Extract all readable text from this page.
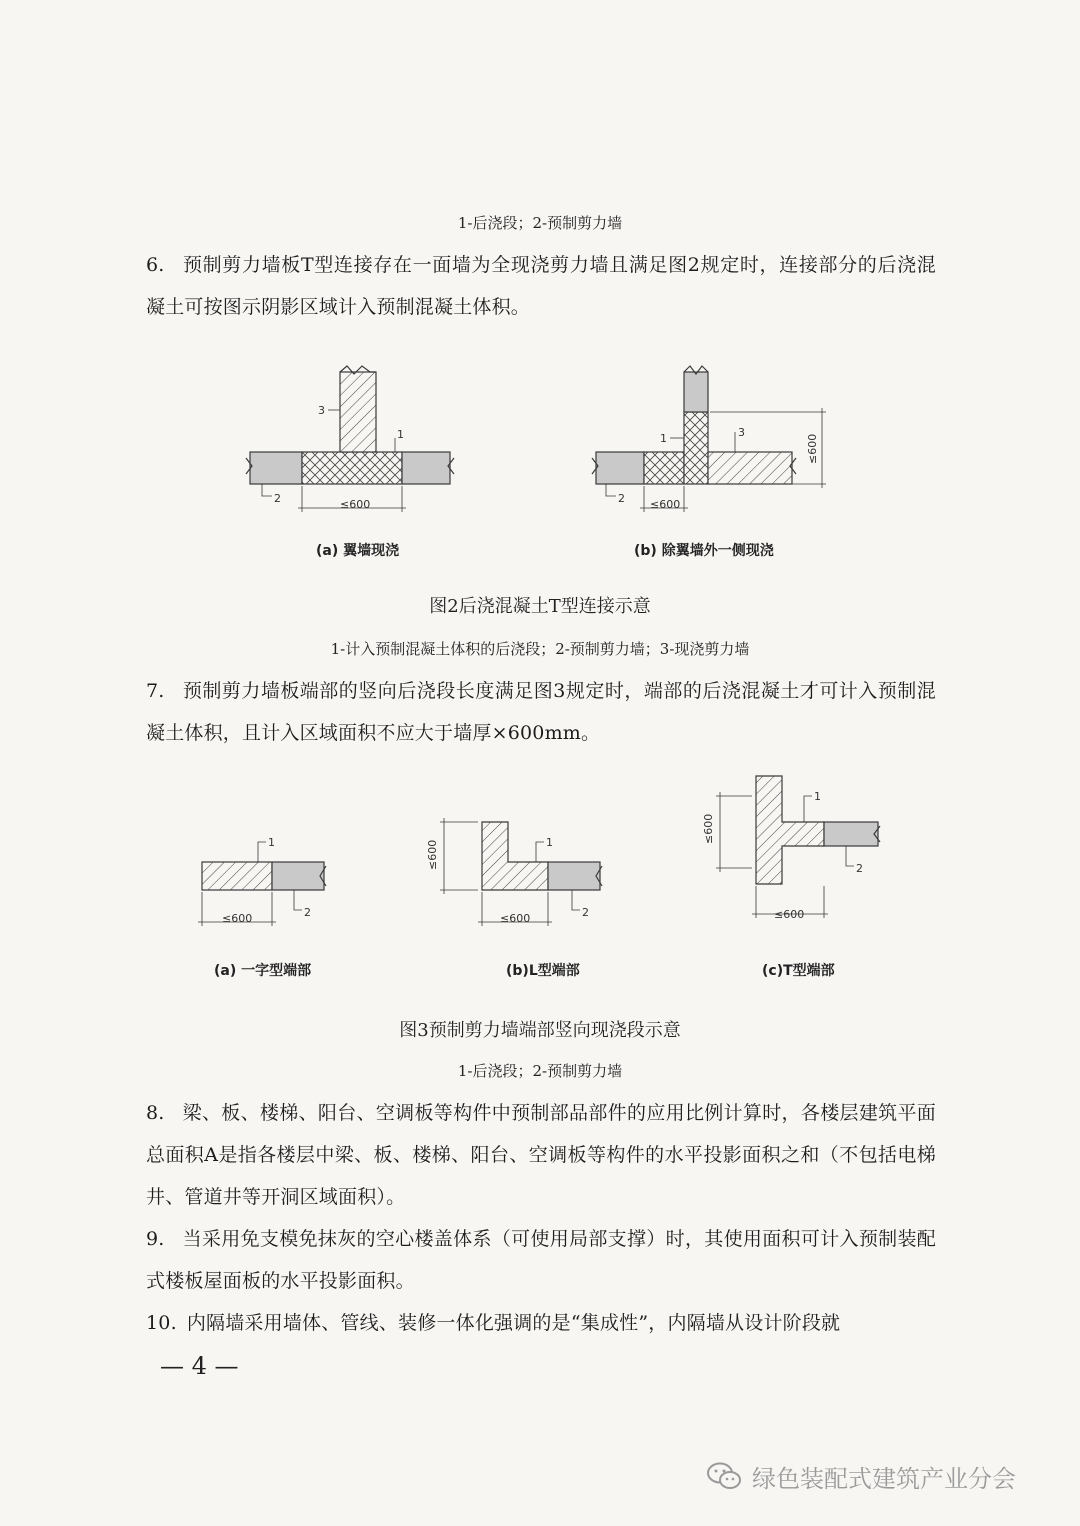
1-后浇段；2-预制剪力墙

6. 预制剪力墙板T型连接存在一面墙为全现浇剪力墙且满足图2规定时，连接部分的后浇混凝土可按图示阴影区域计入预制混凝土体积。

3
1
2	≤600
1	3
2 ≤600
≤600
1
2
≤600
1
2
≤600
≤600
1
2
≤600
≤600
(a) 翼墙现浇	(b) 除翼墙外一侧现浇
图2后浇混凝土T型连接示意
1-计入预制混凝土体积的后浇段；2-预制剪力墙；3-现浇剪力墙

7. 预制剪力墙板端部的竖向后浇段长度满足图3规定时，端部的后浇混凝土才可计入预制混凝土体积，且计入区域面积不应大于墙厚×600mm。

(a) 一字型端部	(b)L型端部	(c)T型端部
图3预制剪力墙端部竖向现浇段示意
1-后浇段；2-预制剪力墙

8. 梁、板、楼梯、阳台、空调板等构件中预制部品部件的应用比例计算时，各楼层建筑平面总面积A是指各楼层中梁、板、楼梯、阳台、空调板等构件的水平投影面积之和（不包括电梯井、管道井等开洞区域面积）。

9. 当采用免支模免抹灰的空心楼盖体系（可使用局部支撑）时，其使用面积可计入预制装配式楼板屋面板的水平投影面积。

10. 内隔墙采用墙体、管线、装修一体化强调的是“集成性”，内隔墙从设计阶段就

— 4 —
绿色装配式建筑产业分会
